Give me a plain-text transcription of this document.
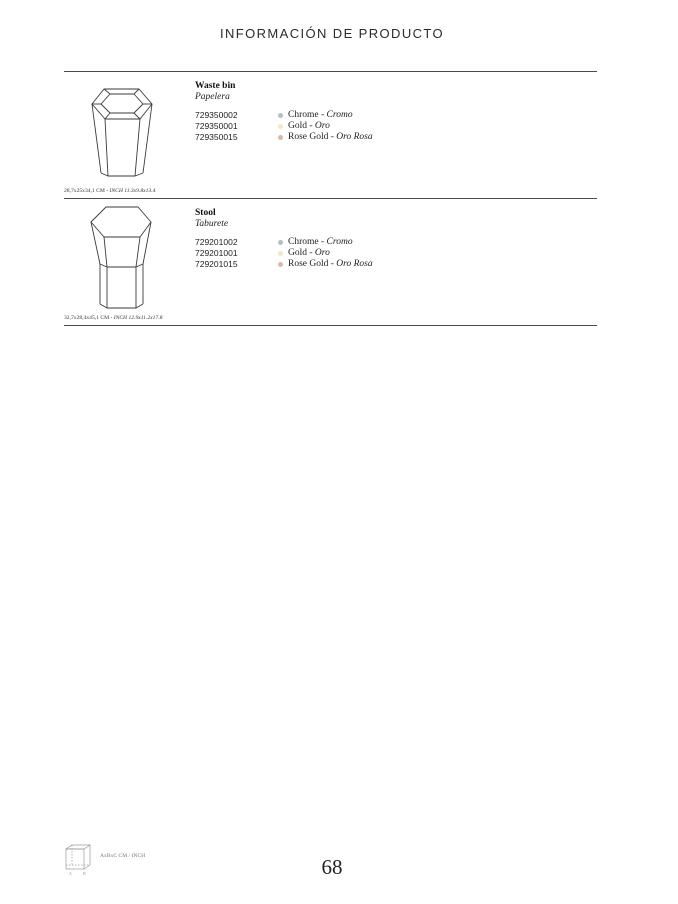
INFORMACIÓN DE PRODUCTO
28,7x25x34,1 CM - INCH 11.3x9.8x13.4
Waste bin
Papelera
729350002
729350001
729350015
Chrome - Cromo
Gold - Oro
Rose Gold - Oro Rosa
32,7x28,4x45,1 CM - INCH 12.9x11.2x17.8
Stool
Taburete
729201002
729201001
729201015
Chrome - Cromo
Gold - Oro
Rose Gold - Oro Rosa
A	B
AxBxC CM / INCH	68
